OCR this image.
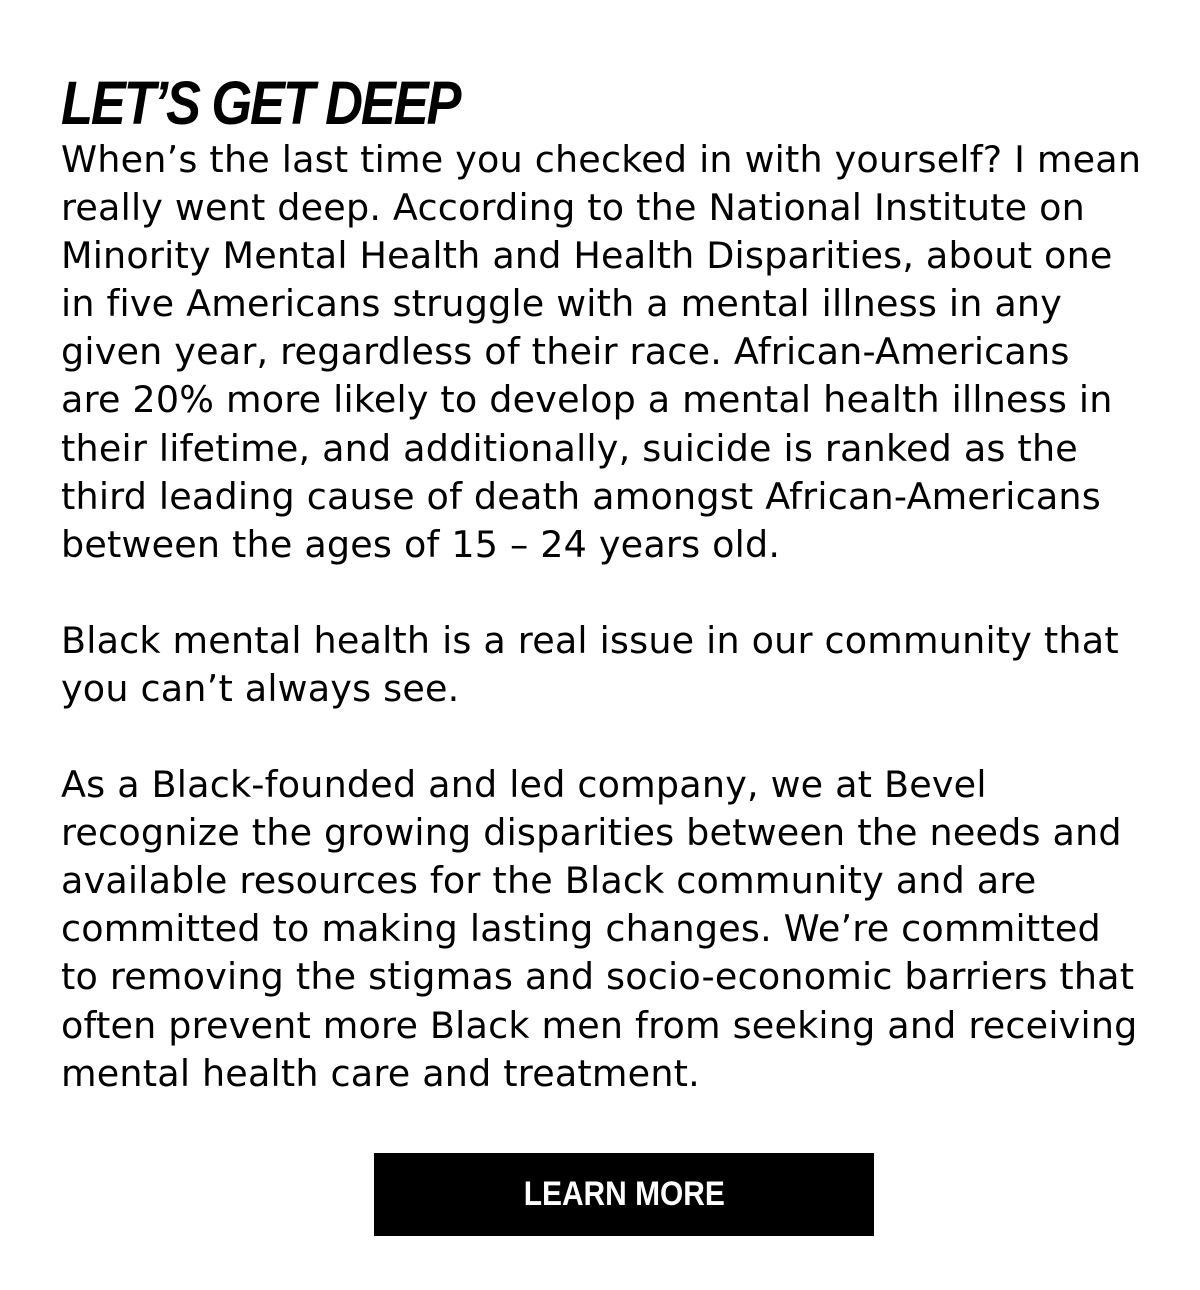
LET’S GET DEEP

When’s the last time you checked in with yourself? I mean
really went deep. According to the National Institute on
Minority Mental Health and Health Disparities, about one
in five Americans struggle with a mental illness in any
given year, regardless of their race. African-Americans
are 20% more likely to develop a mental health illness in
their lifetime, and additionally, suicide is ranked as the
third leading cause of death amongst African-Americans
between the ages of 15 – 24 years old.

Black mental health is a real issue in our community that
you can’t always see.

As a Black-founded and led company, we at Bevel
recognize the growing disparities between the needs and
available resources for the Black community and are
committed to making lasting changes. We’re committed
to removing the stigmas and socio-economic barriers that
often prevent more Black men from seeking and receiving
mental health care and treatment.

LEARN MORE
